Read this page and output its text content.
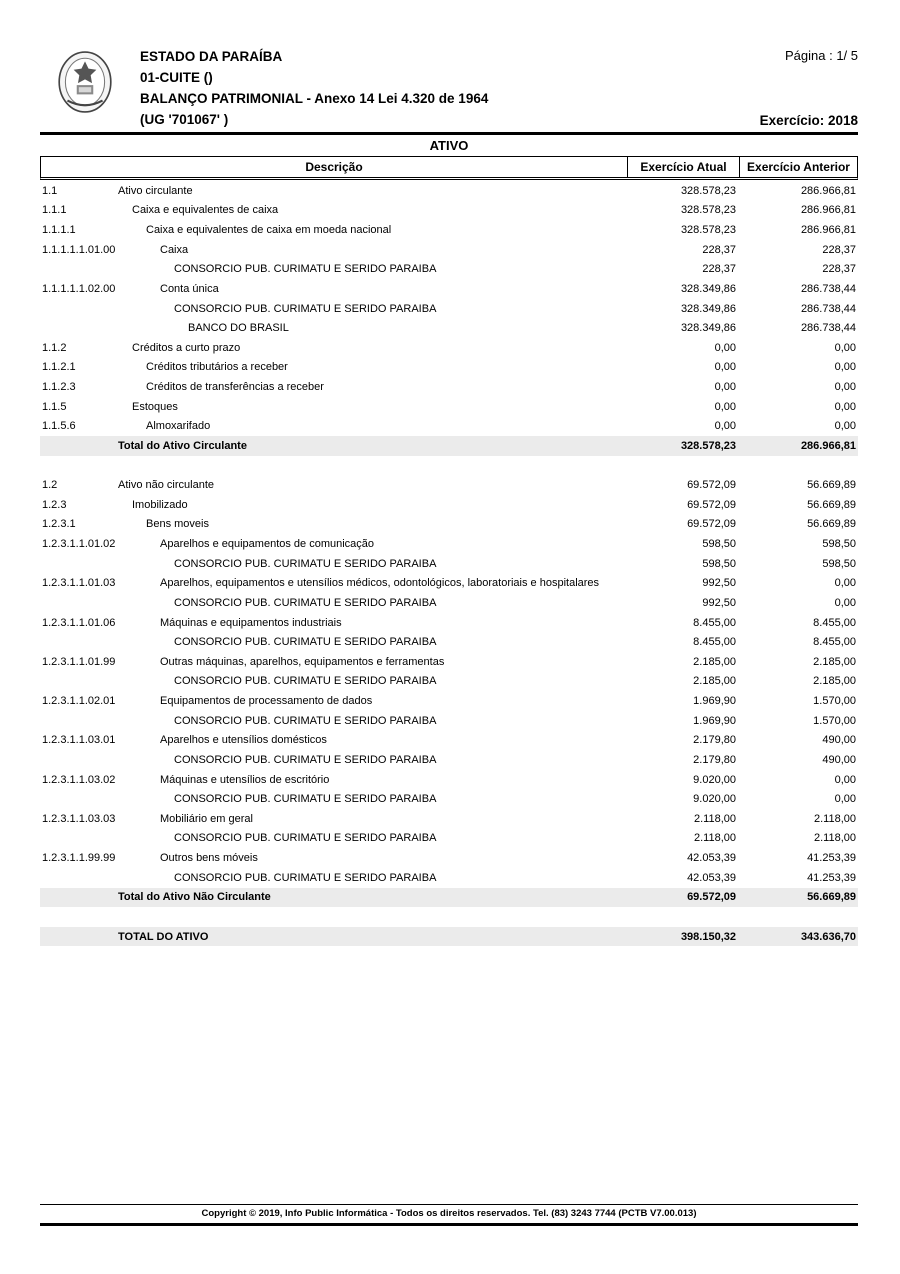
ESTADO DA PARAÍBA
01-CUITE ()
BALANÇO PATRIMONIAL - Anexo 14 Lei 4.320 de 1964
(UG '701067' )
Página : 1/ 5
Exercício: 2018
ATIVO
Descrição	Exercício Atual	Exercício Anterior
1.1	Ativo circulante	328.578,23	286.966,81
1.1.1	Caixa e equivalentes de caixa	328.578,23	286.966,81
1.1.1.1	Caixa e equivalentes de caixa em moeda nacional	328.578,23	286.966,81
1.1.1.1.1.01.00	Caixa	228,37	228,37
CONSORCIO PUB. CURIMATU E SERIDO PARAIBA	228,37	228,37
1.1.1.1.1.02.00	Conta única	328.349,86	286.738,44
CONSORCIO PUB. CURIMATU E SERIDO PARAIBA	328.349,86	286.738,44
BANCO DO BRASIL	328.349,86	286.738,44
1.1.2	Créditos a curto prazo	0,00	0,00
1.1.2.1	Créditos tributários a receber	0,00	0,00
1.1.2.3	Créditos de transferências a receber	0,00	0,00
1.1.5	Estoques	0,00	0,00
1.1.5.6	Almoxarifado	0,00	0,00
Total do Ativo Circulante	328.578,23	286.966,81
1.2	Ativo não circulante	69.572,09	56.669,89
1.2.3	Imobilizado	69.572,09	56.669,89
1.2.3.1	Bens moveis	69.572,09	56.669,89
1.2.3.1.1.01.02	Aparelhos e equipamentos de comunicação	598,50	598,50
CONSORCIO PUB. CURIMATU E SERIDO PARAIBA	598,50	598,50
1.2.3.1.1.01.03	Aparelhos, equipamentos e utensílios médicos, odontológicos, laboratoriais e hospitalares	992,50	0,00
CONSORCIO PUB. CURIMATU E SERIDO PARAIBA	992,50	0,00
1.2.3.1.1.01.06	Máquinas e equipamentos industriais	8.455,00	8.455,00
CONSORCIO PUB. CURIMATU E SERIDO PARAIBA	8.455,00	8.455,00
1.2.3.1.1.01.99	Outras máquinas, aparelhos, equipamentos e ferramentas	2.185,00	2.185,00
CONSORCIO PUB. CURIMATU E SERIDO PARAIBA	2.185,00	2.185,00
1.2.3.1.1.02.01	Equipamentos de processamento de dados	1.969,90	1.570,00
CONSORCIO PUB. CURIMATU E SERIDO PARAIBA	1.969,90	1.570,00
1.2.3.1.1.03.01	Aparelhos e utensílios domésticos	2.179,80	490,00
CONSORCIO PUB. CURIMATU E SERIDO PARAIBA	2.179,80	490,00
1.2.3.1.1.03.02	Máquinas e utensílios de escritório	9.020,00	0,00
CONSORCIO PUB. CURIMATU E SERIDO PARAIBA	9.020,00	0,00
1.2.3.1.1.03.03	Mobiliário em geral	2.118,00	2.118,00
CONSORCIO PUB. CURIMATU E SERIDO PARAIBA	2.118,00	2.118,00
1.2.3.1.1.99.99	Outros bens móveis	42.053,39	41.253,39
CONSORCIO PUB. CURIMATU E SERIDO PARAIBA	42.053,39	41.253,39
Total do Ativo Não Circulante	69.572,09	56.669,89
TOTAL DO ATIVO	398.150,32	343.636,70
Copyright © 2019, Info Public Informática - Todos os direitos reservados. Tel. (83) 3243 7744 (PCTB V7.00.013)
